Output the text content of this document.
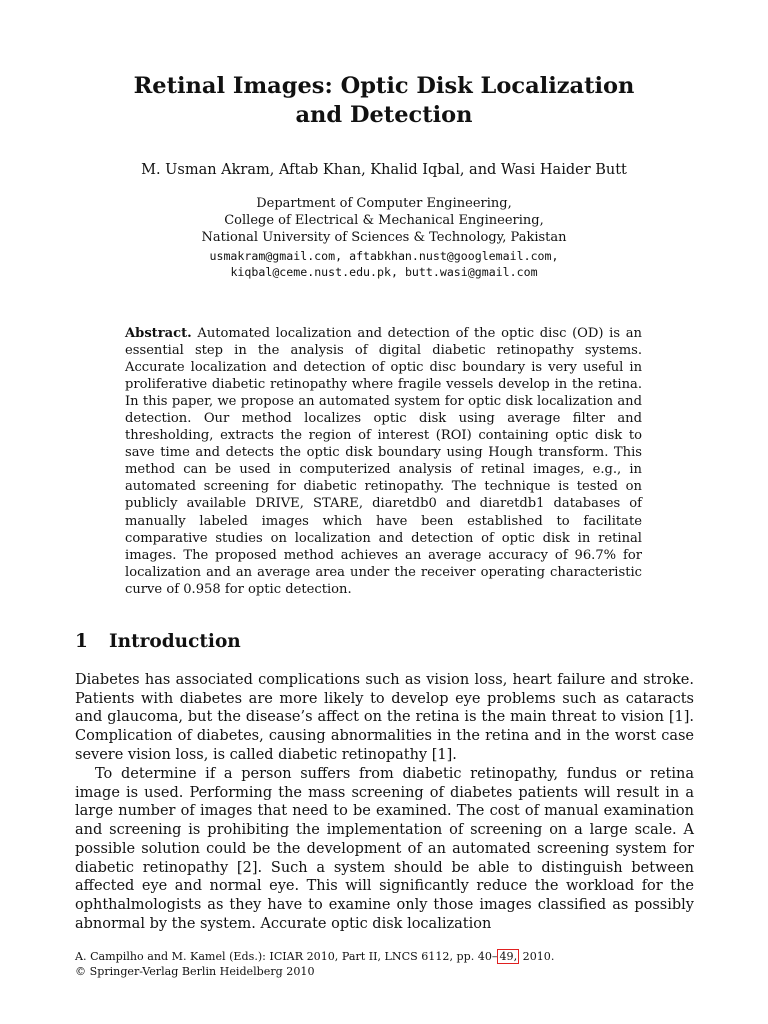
Retinal Images: Optic Disk Localization
and Detection
M. Usman Akram, Aftab Khan, Khalid Iqbal, and Wasi Haider Butt
Department of Computer Engineering,
College of Electrical & Mechanical Engineering,
National University of Sciences & Technology, Pakistan
usmakram@gmail.com, aftabkhan.nust@googlemail.com,
kiqbal@ceme.nust.edu.pk, butt.wasi@gmail.com

Abstract. Automated localization and detection of the optic disc (OD) is an essential step in the analysis of digital diabetic retinopathy systems. Accurate localization and detection of optic disc boundary is very useful in proliferative diabetic retinopathy where fragile vessels develop in the retina. In this paper, we propose an automated system for optic disk localization and detection. Our method localizes optic disk using average filter and thresholding, extracts the region of interest (ROI) containing optic disk to save time and detects the optic disk boundary using Hough transform. This method can be used in computerized analysis of retinal images, e.g., in automated screening for diabetic retinopathy. The technique is tested on publicly available DRIVE, STARE, diaretdb0 and diaretdb1 databases of manually labeled images which have been established to facilitate comparative studies on localization and detection of optic disk in retinal images. The proposed method achieves an average accuracy of 96.7% for localization and an average area under the receiver operating characteristic curve of 0.958 for optic detection.

1 Introduction

Diabetes has associated complications such as vision loss, heart failure and stroke. Patients with diabetes are more likely to develop eye problems such as cataracts and glaucoma, but the disease’s affect on the retina is the main threat to vision [1]. Complication of diabetes, causing abnormalities in the retina and in the worst case severe vision loss, is called diabetic retinopathy [1].

To determine if a person suffers from diabetic retinopathy, fundus or retina image is used. Performing the mass screening of diabetes patients will result in a large number of images that need to be examined. The cost of manual examination and screening is prohibiting the implementation of screening on a large scale. A possible solution could be the development of an automated screening system for diabetic retinopathy [2]. Such a system should be able to distinguish between affected eye and normal eye. This will significantly reduce the workload for the ophthalmologists as they have to examine only those images classified as possibly abnormal by the system. Accurate optic disk localization

A. Campilho and M. Kamel (Eds.): ICIAR 2010, Part II, LNCS 6112, pp. 40– 49, 2010.
© Springer-Verlag Berlin Heidelberg 2010
